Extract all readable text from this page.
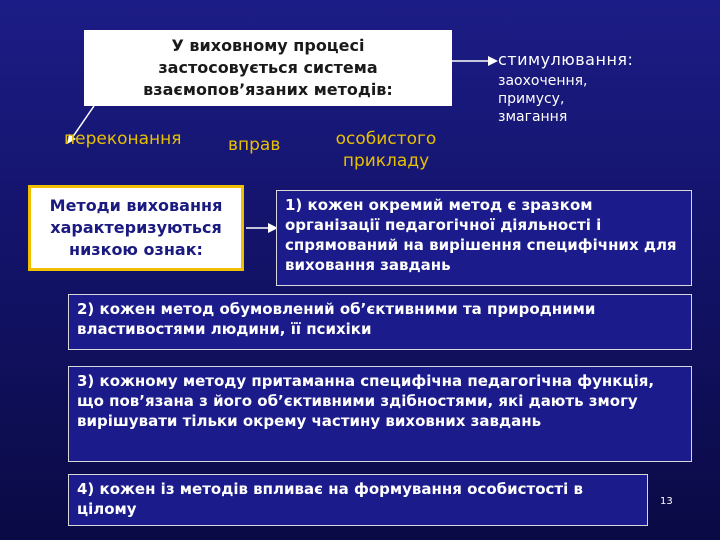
У виховному процесі
застосовується система
взаємопов’язаних методів:
стимулювання:
заохочення,
примусу,
змагання
переконання	вправ	особистого
прикладу
Методи виховання
характеризуються
низкою ознак:
1) кожен окремий метод є зразком організації педагогічної діяльності і спрямований на вирішення специфічних для виховання завдань
2) кожен метод обумовлений об’єктивними та природними властивостями людини, її психіки
3) кожному методу притаманна специфічна педагогічна функція, що пов’язана з його об’єктивними здібностями, які дають змогу вирішувати тільки окрему частину виховних завдань
4) кожен із методів впливає на формування особистості в цілому	13
